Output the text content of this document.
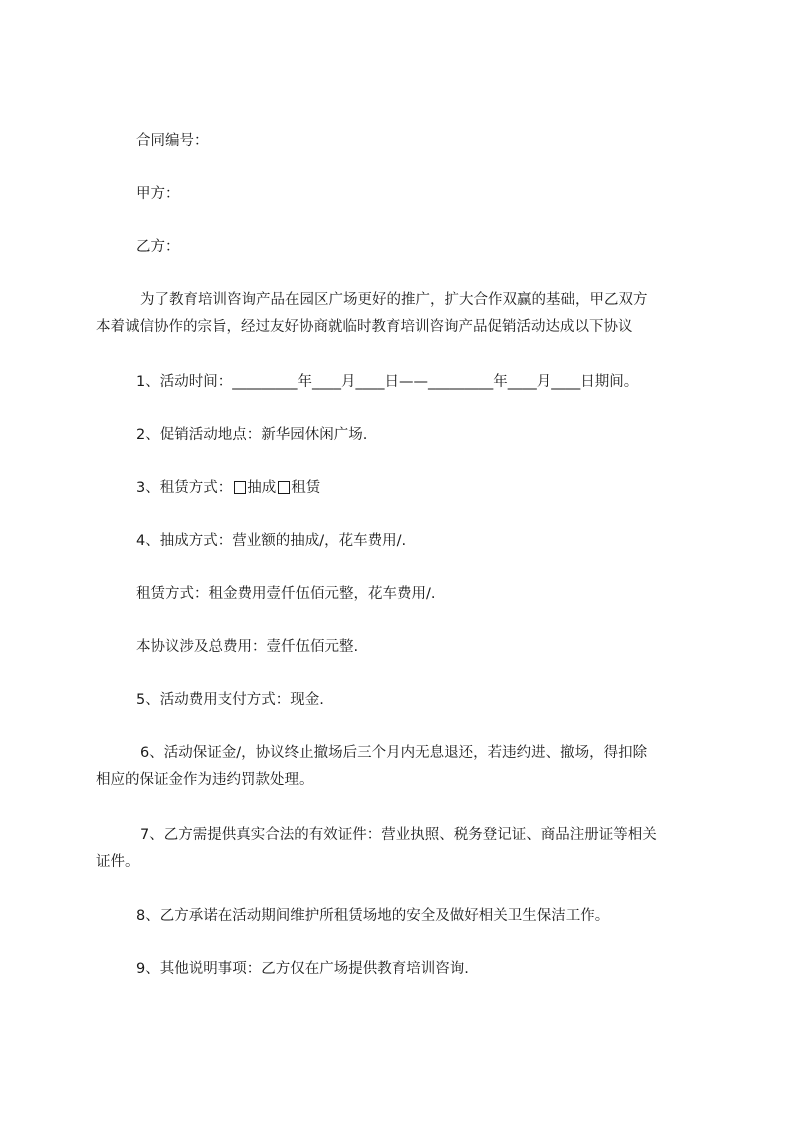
合同编号：
甲方：
乙方：
为了教育培训咨询产品在园区广场更好的推广，扩大合作双赢的基础，甲乙双方
本着诚信协作的宗旨，经过友好协商就临时教育培训咨询产品促销活动达成以下协议
1、活动时间：_________年____月____日——_________年____月____日期间。
2、促销活动地点：新华园休闲广场.
3、租赁方式： 抽成 租赁
4、抽成方式：营业额的抽成/，花车费用/.
租赁方式：租金费用壹仟伍佰元整，花车费用/.
本协议涉及总费用：壹仟伍佰元整.
5、活动费用支付方式：现金.
6、活动保证金/，协议终止撤场后三个月内无息退还，若违约进、撤场，得扣除
相应的保证金作为违约罚款处理。
7、乙方需提供真实合法的有效证件：营业执照、税务登记证、商品注册证等相关
证件。
8、乙方承诺在活动期间维护所租赁场地的安全及做好相关卫生保洁工作。
9、其他说明事项：乙方仅在广场提供教育培训咨询.
